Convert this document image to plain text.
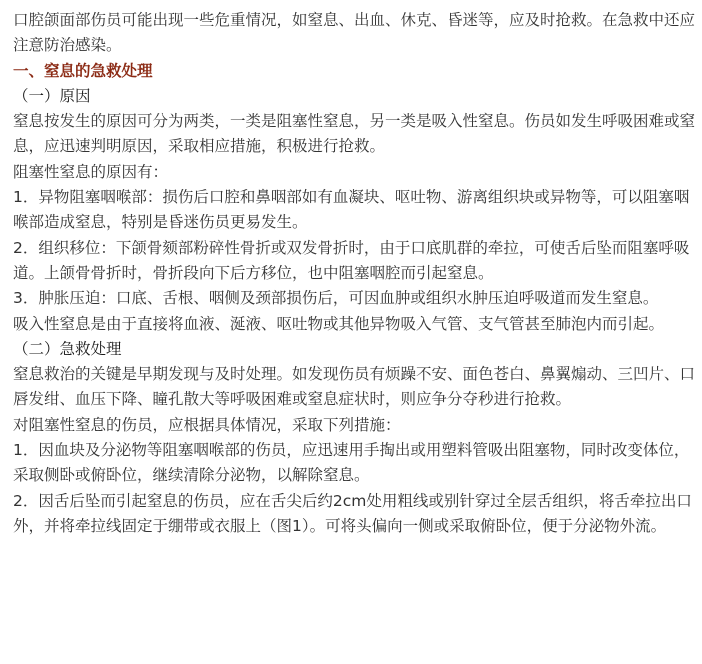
口腔颌面部伤员可能出现一些危重情况，如窒息、出血、休克、昏迷等，应及时抢救。在急救中还应注意防治感染。

一、窒息的急救处理

（一）原因

窒息按发生的原因可分为两类，一类是阻塞性窒息，另一类是吸入性窒息。伤员如发生呼吸困难或窒息，应迅速判明原因，采取相应措施，积极进行抢救。

阻塞性窒息的原因有：

1．异物阻塞咽喉部：损伤后口腔和鼻咽部如有血凝块、呕吐物、游离组织块或异物等，可以阻塞咽喉部造成窒息，特别是昏迷伤员更易发生。

2．组织移位：下颌骨颏部粉碎性骨折或双发骨折时，由于口底肌群的牵拉，可使舌后坠而阻塞呼吸道。上颌骨骨折时，骨折段向下后方移位，也中阻塞咽腔而引起窒息。

3．肿胀压迫：口底、舌根、咽侧及颈部损伤后，可因血肿或组织水肿压迫呼吸道而发生窒息。

吸入性窒息是由于直接将血液、涎液、呕吐物或其他异物吸入气管、支气管甚至肺泡内而引起。

（二）急救处理

窒息救治的关键是早期发现与及时处理。如发现伤员有烦躁不安、面色苍白、鼻翼煽动、三凹片、口唇发绀、血压下降、瞳孔散大等呼吸困难或窒息症状时，则应争分夺秒进行抢救。

对阻塞性窒息的伤员，应根据具体情况，采取下列措施：

1．因血块及分泌物等阻塞咽喉部的伤员，应迅速用手掏出或用塑料管吸出阻塞物，同时改变体位，采取侧卧或俯卧位，继续清除分泌物，以解除窒息。

2．因舌后坠而引起窒息的伤员，应在舌尖后约2cm处用粗线或别针穿过全层舌组织，将舌牵拉出口外，并将牵拉线固定于绷带或衣服上（图1）。可将头偏向一侧或采取俯卧位，便于分泌物外流。
